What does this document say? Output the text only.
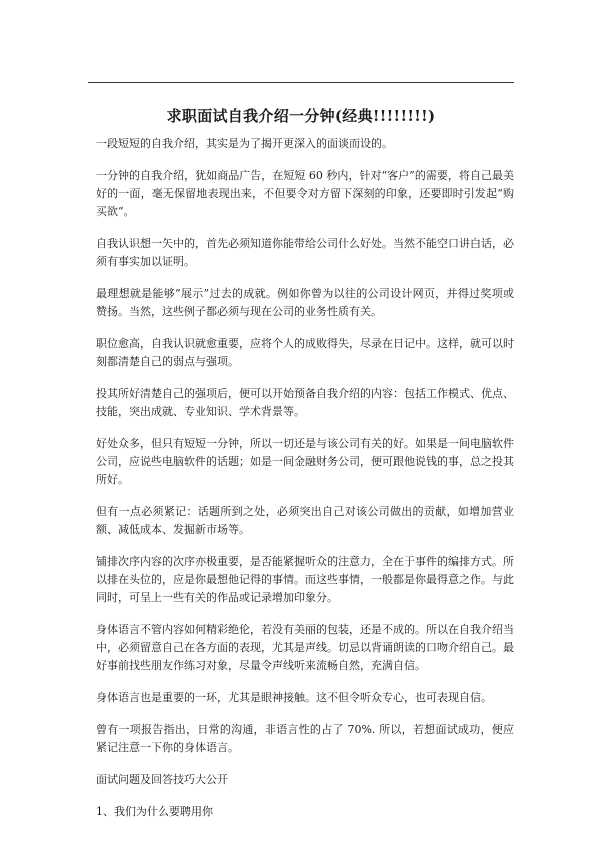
求职面试自我介绍一分钟(经典!!!!!!!!)

一段短短的自我介绍，其实是为了揭开更深入的面谈而设的。

一分钟的自我介绍，犹如商品广告，在短短 60 秒内，针对“客户”的需要，将自己最美好的一面，毫无保留地表现出来，不但要令对方留下深刻的印象，还要即时引发起“购买欲”。

自我认识想一矢中的，首先必须知道你能带给公司什么好处。当然不能空口讲白话，必须有事实加以证明。

最理想就是能够“展示”过去的成就。例如你曾为以往的公司设计网页，并得过奖项或赞扬。当然，这些例子都必须与现在公司的业务性质有关。

职位愈高，自我认识就愈重要，应将个人的成败得失，尽录在日记中。这样，就可以时刻都清楚自己的弱点与强项。

投其所好清楚自己的强项后，便可以开始预备自我介绍的内容：包括工作模式、优点、技能，突出成就、专业知识、学术背景等。

好处众多，但只有短短一分钟，所以一切还是与该公司有关的好。如果是一间电脑软件公司，应说些电脑软件的话题；如是一间金融财务公司，便可跟他说钱的事，总之投其所好。

但有一点必须紧记：话题所到之处，必须突出自己对该公司做出的贡献，如增加营业额、减低成本、发掘新市场等。

铺排次序内容的次序亦极重要，是否能紧握听众的注意力，全在于事件的编排方式。所以排在头位的，应是你最想他记得的事情。而这些事情，一般都是你最得意之作。与此同时，可呈上一些有关的作品或记录增加印象分。

身体语言不管内容如何精彩绝伦，若没有美丽的包装，还是不成的。所以在自我介绍当中，必须留意自己在各方面的表现，尤其是声线。切忌以背诵朗读的口吻介绍自己。最好事前找些朋友作练习对象，尽量令声线听来流畅自然，充满自信。

身体语言也是重要的一环，尤其是眼神接触。这不但令听众专心，也可表现自信。

曾有一项报告指出，日常的沟通，非语言性的占了 70%. 所以，若想面试成功，便应紧记注意一下你的身体语言。

面试问题及回答技巧大公开

1、我们为什么要聘用你
